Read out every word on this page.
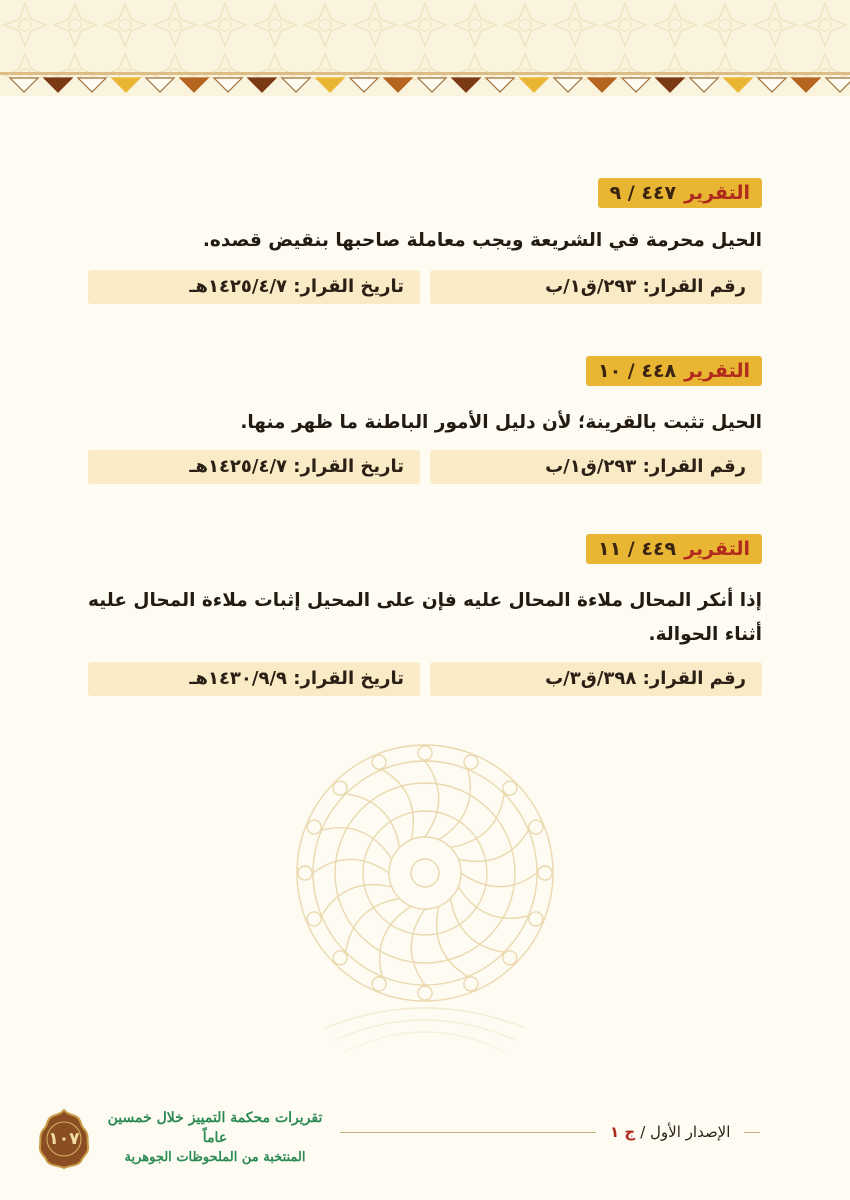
التقرير
٤٤٧ / ٩
الحيل محرمة في الشريعة ويجب معاملة صاحبها بنقيض قصده.
رقم القرار: ٢٩٣/ق١/ب
تاريخ القرار: ١٤٢٥/٤/٧هـ
التقرير
٤٤٨ / ١٠
الحيل تثبت بالقرينة؛ لأن دليل الأمور الباطنة ما ظهر منها.
رقم القرار: ٢٩٣/ق١/ب
تاريخ القرار: ١٤٢٥/٤/٧هـ
التقرير
٤٤٩ / ١١
إذا أنكر المحال ملاءة المحال عليه فإن على المحيل إثبات ملاءة المحال عليه أثناء الحوالة.
رقم القرار: ٣٩٨/ق٣/ب
تاريخ القرار: ١٤٣٠/٩/٩هـ
الإصدار الأول /
ج ١
تقريرات محكمة التمييز خلال خمسين عاماً
المنتخبة من الملحوظات الجوهرية
١٠٧
